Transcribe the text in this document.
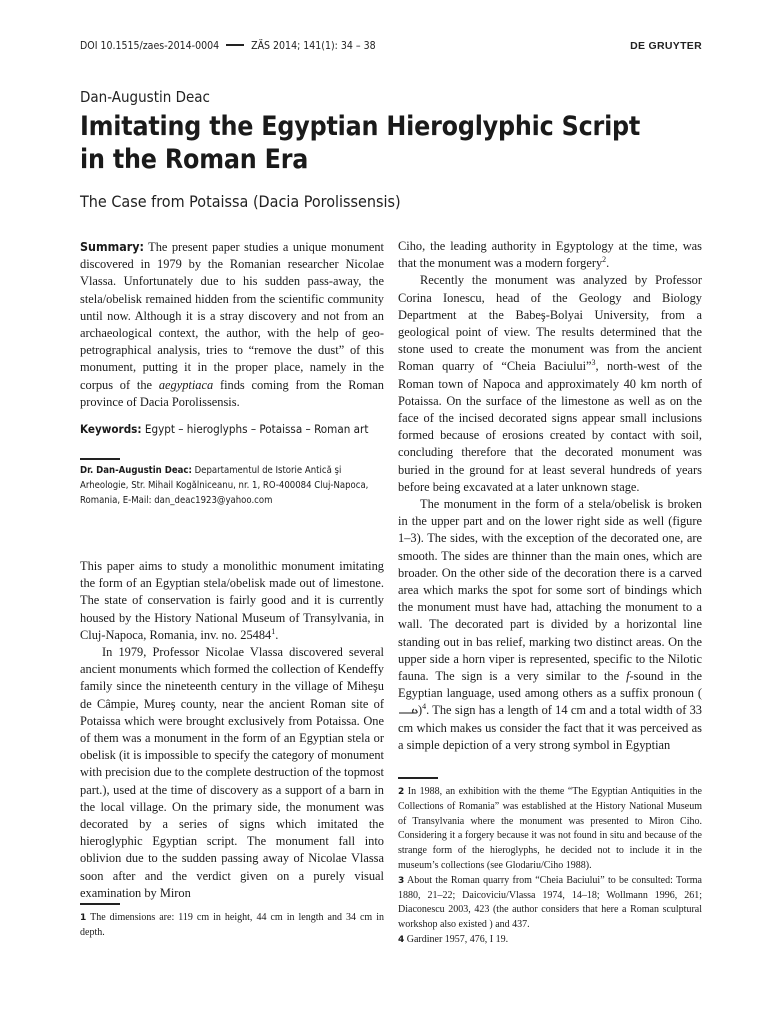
DOI 10.1515/zaes-2014-0004	ZÄS 2014; 141(1): 34 – 38	DE GRUYTER
Dan-Augustin Deac
Imitating the Egyptian Hieroglyphic Script
in the Roman Era
The Case from Potaissa (Dacia Porolissensis)

Summary: The present paper studies a unique monument discovered in 1979 by the Romanian researcher Nicolae Vlassa. Unfortunately due to his sudden pass-away, the stela/obelisk remained hidden from the scientific community until now. Although it is a stray discovery and not from an archaeological context, the author, with the help of geo-petrographical analysis, tries to “remove the dust” of this monument, putting it in the proper place, namely in the corpus of the aegyptiaca finds coming from the Roman province of Dacia Porolissensis.

Keywords: Egypt – hieroglyphs – Potaissa – Roman art
Dr. Dan-Augustin Deac: Departamentul de Istorie Antică şi Arheologie, Str. Mihail Kogălniceanu, nr. 1, RO-400084 Cluj-Napoca, Romania, E-Mail: dan_deac1923@yahoo.com

This paper aims to study a monolithic monument imitating the form of an Egyptian stela/obelisk made out of limestone. The state of conservation is fairly good and it is currently housed by the History National Museum of Transylvania, in Cluj-Napoca, Romania, inv. no. 25484$^1$.

In 1979, Professor Nicolae Vlassa discovered several ancient monuments which formed the collection of Kendeffy family since the nineteenth century in the village of Miheşu de Câmpie, Mureş county, near the ancient Roman site of Potaissa which were brought exclusively from Potaissa. One of them was a monument in the form of an Egyptian stela or obelisk (it is impossible to specify the category of monument with precision due to the complete destruction of the topmost part.), used at the time of discovery as a support of a barn in the local village. On the primary side, the monument was decorated by a series of signs which imitated the hieroglyphic Egyptian script. The monument fall into oblivion due to the sudden passing away of Nicolae Vlassa soon after and the verdict given on a purely visual examination by Miron

1 The dimensions are: 119 cm in height, 44 cm in length and 34 cm in depth.

Ciho, the leading authority in Egyptology at the time, was that the monument was a modern forgery$^2$.

Recently the monument was analyzed by Professor Corina Ionescu, head of the Geology and Biology Department at the Babeş-Bolyai University, from a geological point of view. The results determined that the stone used to create the monument was from the ancient Roman quarry of “Cheia Baciului”$^3$, north-west of the Roman town of Napoca and approximately 40 km north of Potaissa. On the surface of the limestone as well as on the face of the incised decorated signs appear small inclusions formed because of erosions created by contact with soil, concluding therefore that the decorated monument was buried in the ground for at least several hundreds of years before being excavated at a later unknown stage.

The monument in the form of a stela/obelisk is broken in the upper part and on the lower right side as well (figure 1–3). The sides, with the exception of the decorated one, are smooth. The sides are thinner than the main ones, which are broader. On the other side of the decoration there is a carved area which marks the spot for some sort of bindings which the monument must have had, attaching the monument to a wall. The decorated part is divided by a horizontal line standing out in bas relief, marking two distinct areas. On the upper side a horn viper is represented, specific to the Nilotic fauna. The sign is a very similar to the f-sound in the Egyptian language, used among others as a suffix pronoun ()$^4$. The sign has a length of 14 cm and a total width of 33 cm which makes us consider the fact that it was perceived as a simple depiction of a very strong symbol in Egyptian

2 In 1988, an exhibition with the theme “The Egyptian Antiquities in the Collections of Romania” was established at the History National Museum of Transylvania where the monument was presented to Miron Ciho. Considering it a forgery because it was not found in situ and because of the strange form of the hieroglyphs, he decided not to include it in the museum’s collections (see Glodariu/Ciho 1988).

3 About the Roman quarry from “Cheia Baciului” to be consulted: Torma 1880, 21–22; Daicoviciu/Vlassa 1974, 14–18; Wollmann 1996, 261; Diaconescu 2003, 423 (the author considers that here a Roman sculptural workshop also existed ) and 437.

4 Gardiner 1957, 476, I 19.
